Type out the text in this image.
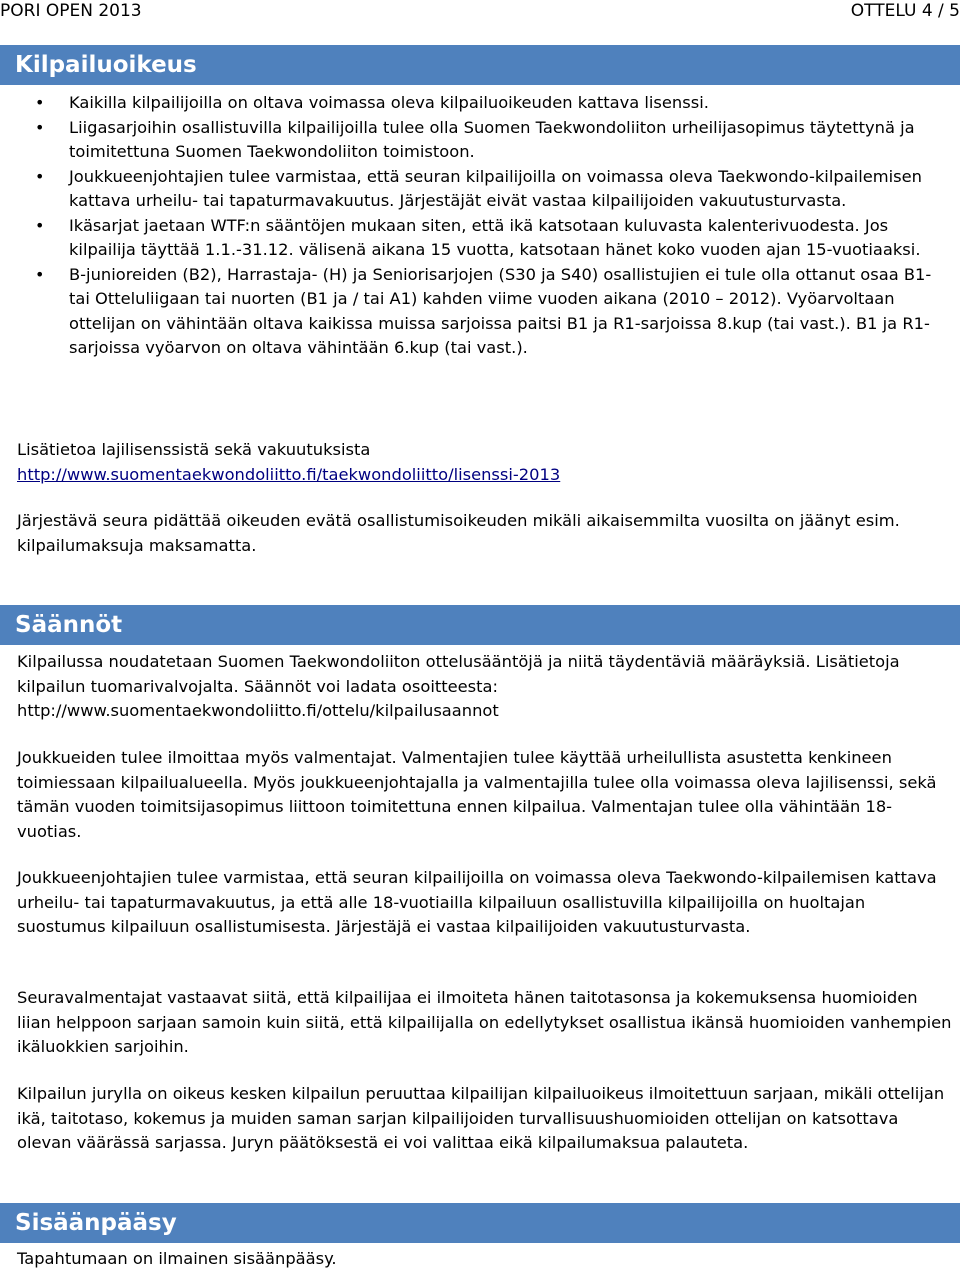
PORI OPEN 2013	OTTELU 4 / 5
Kilpailuoikeus
• Kaikilla kilpailijoilla on oltava voimassa oleva kilpailuoikeuden kattava lisenssi.
• Liigasarjoihin osallistuvilla kilpailijoilla tulee olla Suomen Taekwondoliiton urheilijasopimus täytettynä ja toimitettuna Suomen Taekwondoliiton toimistoon.
• Joukkueenjohtajien tulee varmistaa, että seuran kilpailijoilla on voimassa oleva Taekwondo-kilpailemisen kattava urheilu- tai tapaturmavakuutus. Järjestäjät eivät vastaa kilpailijoiden vakuutusturvasta.
• Ikäsarjat jaetaan WTF:n sääntöjen mukaan siten, että ikä katsotaan kuluvasta kalenterivuodesta. Jos kilpailija täyttää 1.1.-31.12. välisenä aikana 15 vuotta, katsotaan hänet koko vuoden ajan 15-vuotiaaksi.
• B-junioreiden (B2), Harrastaja- (H) ja Seniorisarjojen (S30 ja S40) osallistujien ei tule olla ottanut osaa B1- tai Otteluliigaan tai nuorten (B1 ja / tai A1) kahden viime vuoden aikana (2010 – 2012). Vyöarvoltaan ottelijan on vähintään oltava kaikissa muissa sarjoissa paitsi B1 ja R1-sarjoissa 8.kup (tai vast.). B1 ja R1-sarjoissa vyöarvon on oltava vähintään 6.kup (tai vast.).

Lisätietoa lajilisenssistä sekä vakuutuksista

http://www.suomentaekwondoliitto.fi/taekwondoliitto/lisenssi-2013

Järjestävä seura pidättää oikeuden evätä osallistumisoikeuden mikäli aikaisemmilta vuosilta on jäänyt esim. kilpailumaksuja maksamatta.

Säännöt

Kilpailussa noudatetaan Suomen Taekwondoliiton ottelusääntöjä ja niitä täydentäviä määräyksiä. Lisätietoja kilpailun tuomarivalvojalta. Säännöt voi ladata osoitteesta: http://www.suomentaekwondoliitto.fi/ottelu/kilpailusaannot

Joukkueiden tulee ilmoittaa myös valmentajat. Valmentajien tulee käyttää urheilullista asustetta kenkineen toimiessaan kilpailualueella. Myös joukkueenjohtajalla ja valmentajilla tulee olla voimassa oleva lajilisenssi, sekä tämän vuoden toimitsijasopimus liittoon toimitettuna ennen kilpailua. Valmentajan tulee olla vähintään 18-vuotias.

Joukkueenjohtajien tulee varmistaa, että seuran kilpailijoilla on voimassa oleva Taekwondo-kilpailemisen kattava urheilu- tai tapaturmavakuutus, ja että alle 18-vuotiailla kilpailuun osallistuvilla kilpailijoilla on huoltajan suostumus kilpailuun osallistumisesta. Järjestäjä ei vastaa kilpailijoiden vakuutusturvasta.

Seuravalmentajat vastaavat siitä, että kilpailijaa ei ilmoiteta hänen taitotasonsa ja kokemuksensa huomioiden liian helppoon sarjaan samoin kuin siitä, että kilpailijalla on edellytykset osallistua ikänsä huomioiden vanhempien ikäluokkien sarjoihin.

Kilpailun jurylla on oikeus kesken kilpailun peruuttaa kilpailijan kilpailuoikeus ilmoitettuun sarjaan, mikäli ottelijan ikä, taitotaso, kokemus ja muiden saman sarjan kilpailijoiden turvallisuushuomioiden ottelijan on katsottava olevan väärässä sarjassa. Juryn päätöksestä ei voi valittaa eikä kilpailumaksua palauteta.

Sisäänpääsy

Tapahtumaan on ilmainen sisäänpääsy.
